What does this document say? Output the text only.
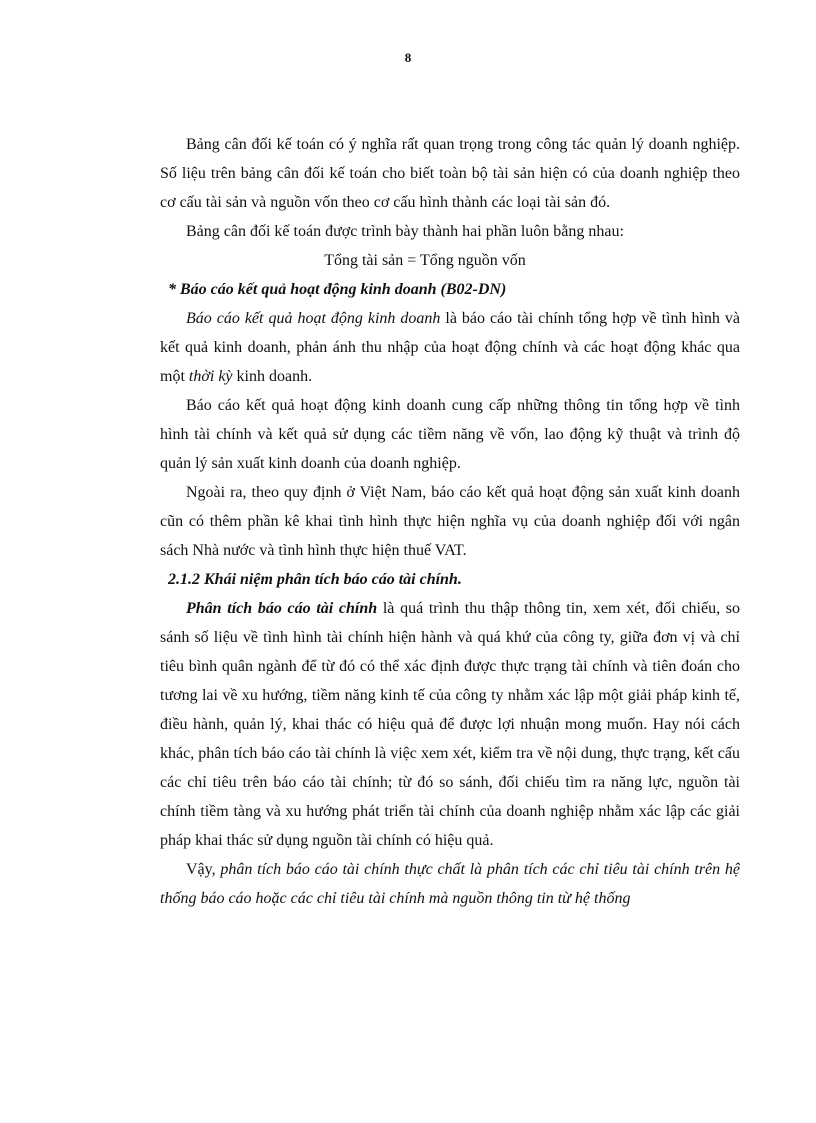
8

Bảng cân đối kế toán có ý nghĩa rất quan trọng trong công tác quản lý doanh nghiệp. Số liệu trên bảng cân đối kế toán cho biết toàn bộ tài sản hiện có của doanh nghiệp theo cơ cấu tài sản và nguồn vốn theo cơ cấu hình thành các loại tài sản đó.

Bảng cân đối kế toán được trình bày thành hai phần luôn bằng nhau:

Tổng tài sản = Tổng nguồn vốn

* Báo cáo kết quả hoạt động kinh doanh (B02-DN)

Báo cáo kết quả hoạt động kinh doanh là báo cáo tài chính tổng hợp về tình hình và kết quả kinh doanh, phản ánh thu nhập của hoạt động chính và các hoạt động khác qua một thời kỳ kinh doanh.

Báo cáo kết quả hoạt động kinh doanh cung cấp những thông tin tổng hợp về tình hình tài chính và kết quả sử dụng các tiềm năng về vốn, lao động kỹ thuật và trình độ quản lý sản xuất kinh doanh của doanh nghiệp.

Ngoài ra, theo quy định ở Việt Nam, báo cáo kết quả hoạt động sản xuất kinh doanh cũn có thêm phần kê khai tình hình thực hiện nghĩa vụ của doanh nghiệp đối với ngân sách Nhà nước và tình hình thực hiện thuế VAT.

2.1.2 Khái niệm phân tích báo cáo tài chính.

Phân tích báo cáo tài chính là quá trình thu thập thông tin, xem xét, đối chiếu, so sánh số liệu về tình hình tài chính hiện hành và quá khứ của công ty, giữa đơn vị và chỉ tiêu bình quân ngành để từ đó có thể xác định được thực trạng tài chính và tiên đoán cho tương lai về xu hướng, tiềm năng kinh tế của công ty nhằm xác lập một giải pháp kinh tế, điều hành, quản lý, khai thác có hiệu quả để được lợi nhuận mong muốn. Hay nói cách khác, phân tích báo cáo tài chính là việc xem xét, kiểm tra về nội dung, thực trạng, kết cấu các chỉ tiêu trên báo cáo tài chính; từ đó so sánh, đối chiếu tìm ra năng lực, nguồn tài chính tiềm tàng và xu hướng phát triển tài chính của doanh nghiệp nhằm xác lập các giải pháp khai thác sử dụng nguồn tài chính có hiệu quả.

Vậy, phân tích báo cáo tài chính thực chất là phân tích các chỉ tiêu tài chính trên hệ thống báo cáo hoặc các chỉ tiêu tài chính mà nguồn thông tin từ hệ thống
